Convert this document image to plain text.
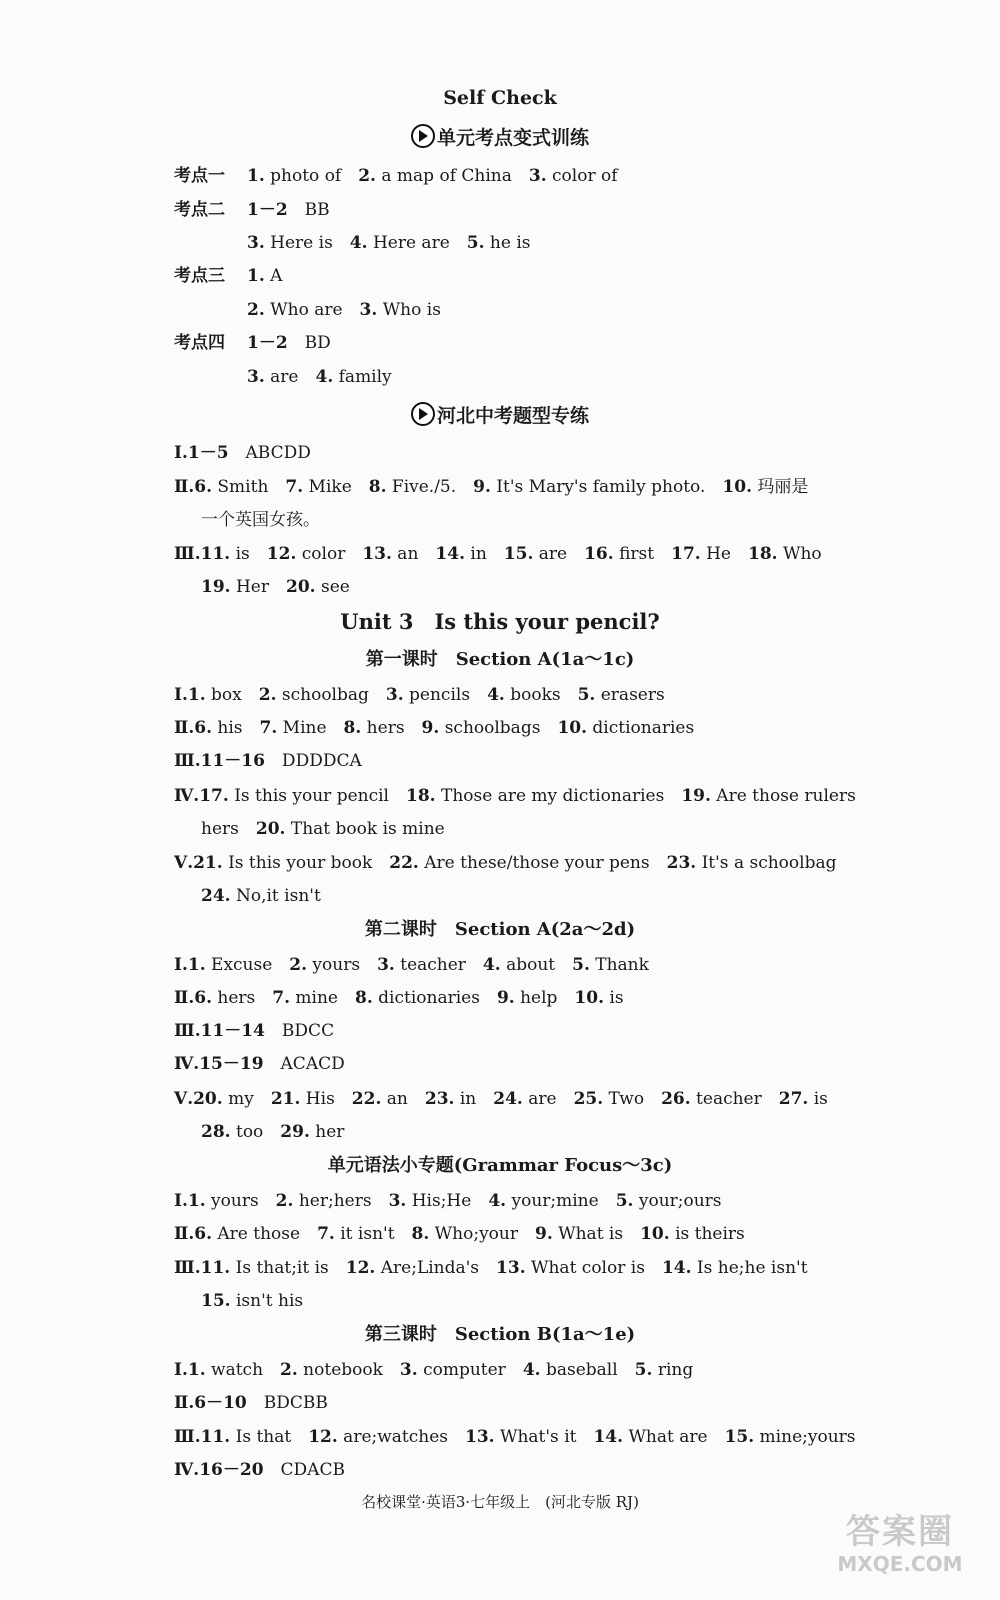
Self Check
单元考点变式训练
考点一 1. photo of　2. a map of China　3. color of
考点二 1－2　BB
3. Here is　4. Here are　5. he is
考点三 1. A
2. Who are　3. Who is
考点四 1－2　BD
3. are　4. family
河北中考题型专练
Ⅰ.1－5　ABCDD
Ⅱ.6. Smith　7. Mike　8. Five./5.　9. It's Mary's family photo.　10. 玛丽是
一个英国女孩。
Ⅲ.11. is　12. color　13. an　14. in　15. are　16. first　17. He　18. Who
19. Her　20. see
Unit 3　Is this your pencil?
第一课时　Section A(1a～1c)
Ⅰ.1. box　2. schoolbag　3. pencils　4. books　5. erasers
Ⅱ.6. his　7. Mine　8. hers　9. schoolbags　10. dictionaries
Ⅲ.11－16　DDDDCA
Ⅳ.17. Is this your pencil　18. Those are my dictionaries　19. Are those rulers
hers　20. That book is mine
Ⅴ.21. Is this your book　22. Are these/those your pens　23. It's a schoolbag
24. No,it isn't
第二课时　Section A(2a～2d)
Ⅰ.1. Excuse　2. yours　3. teacher　4. about　5. Thank
Ⅱ.6. hers　7. mine　8. dictionaries　9. help　10. is
Ⅲ.11－14　BDCC
Ⅳ.15－19　ACACD
Ⅴ.20. my　21. His　22. an　23. in　24. are　25. Two　26. teacher　27. is
28. too　29. her
单元语法小专题(Grammar Focus～3c)
Ⅰ.1. yours　2. her;hers　3. His;He　4. your;mine　5. your;ours
Ⅱ.6. Are those　7. it isn't　8. Who;your　9. What is　10. is theirs
Ⅲ.11. Is that;it is　12. Are;Linda's　13. What color is　14. Is he;he isn't
15. isn't his
第三课时　Section B(1a～1e)
Ⅰ.1. watch　2. notebook　3. computer　4. baseball　5. ring
Ⅱ.6－10　BDCBB
Ⅲ.11. Is that　12. are;watches　13. What's it　14. What are　15. mine;yours
Ⅳ.16－20　CDACB
名校课堂·英语3·七年级上　(河北专版 RJ)
答案圈
MXQE.COM
